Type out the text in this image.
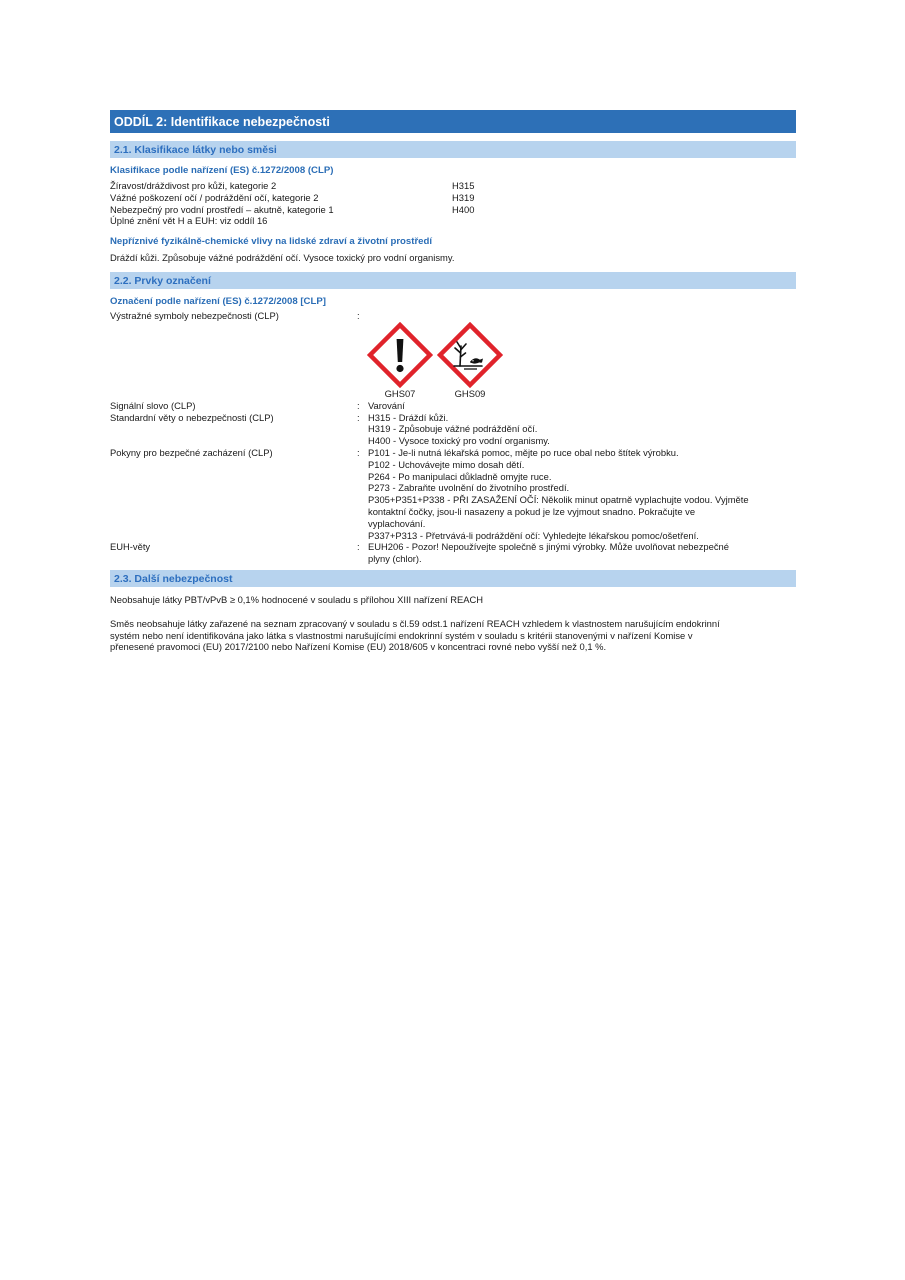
ODDÍL 2: Identifikace nebezpečnosti
2.1. Klasifikace látky nebo směsi
Klasifikace podle nařízení (ES) č.1272/2008 (CLP)
Žíravost/dráždivost pro kůži, kategorie 2	H315
Vážné poškození očí / podráždění očí, kategorie 2	H319
Nebezpečný pro vodní prostředí – akutně, kategorie 1	H400
Úplné znění vět H a EUH: viz oddíl 16
Nepříznivé fyzikálně-chemické vlivy na lidské zdraví a životní prostředí
Dráždí kůži. Způsobuje vážné podráždění očí. Vysoce toxický pro vodní organismy.
2.2. Prvky označení
Označení podle nařízení (ES) č.1272/2008 [CLP]
Výstražné symboly nebezpečnosti (CLP)	:
GHS07	GHS09
Signální slovo (CLP)	: Varování
Standardní věty o nebezpečnosti (CLP)	: H315 - Dráždí kůži.
H319 - Způsobuje vážné podráždění očí.
H400 - Vysoce toxický pro vodní organismy.
Pokyny pro bezpečné zacházení (CLP)	: P101 - Je-li nutná lékařská pomoc, mějte po ruce obal nebo štítek výrobku.
P102 - Uchovávejte mimo dosah dětí.
P264 - Po manipulaci důkladně omyjte ruce.
P273 - Zabraňte uvolnění do životního prostředí.
P305+P351+P338 - PŘI ZASAŽENÍ OČÍ: Několik minut opatrně vyplachujte vodou. Vyjměte
kontaktní čočky, jsou-li nasazeny a pokud je lze vyjmout snadno. Pokračujte ve
vyplachování.
P337+P313 - Přetrvává-li podráždění očí: Vyhledejte lékařskou pomoc/ošetření.
EUH-věty	: EUH206 - Pozor! Nepoužívejte společně s jinými výrobky. Může uvolňovat nebezpečné
plyny (chlor).
2.3. Další nebezpečnost

Neobsahuje látky PBT/vPvB ≥ 0,1% hodnocené v souladu s přílohou XIII nařízení REACH

Směs neobsahuje látky zařazené na seznam zpracovaný v souladu s čl.59 odst.1 nařízení REACH vzhledem k vlastnostem narušujícím endokrinní
systém nebo není identifikována jako látka s vlastnostmi narušujícími endokrinní systém v souladu s kritérii stanovenými v nařízení Komise v
přenesené pravomoci (EU) 2017/2100 nebo Nařízení Komise (EU) 2018/605 v koncentraci rovné nebo vyšší než 0,1 %.
